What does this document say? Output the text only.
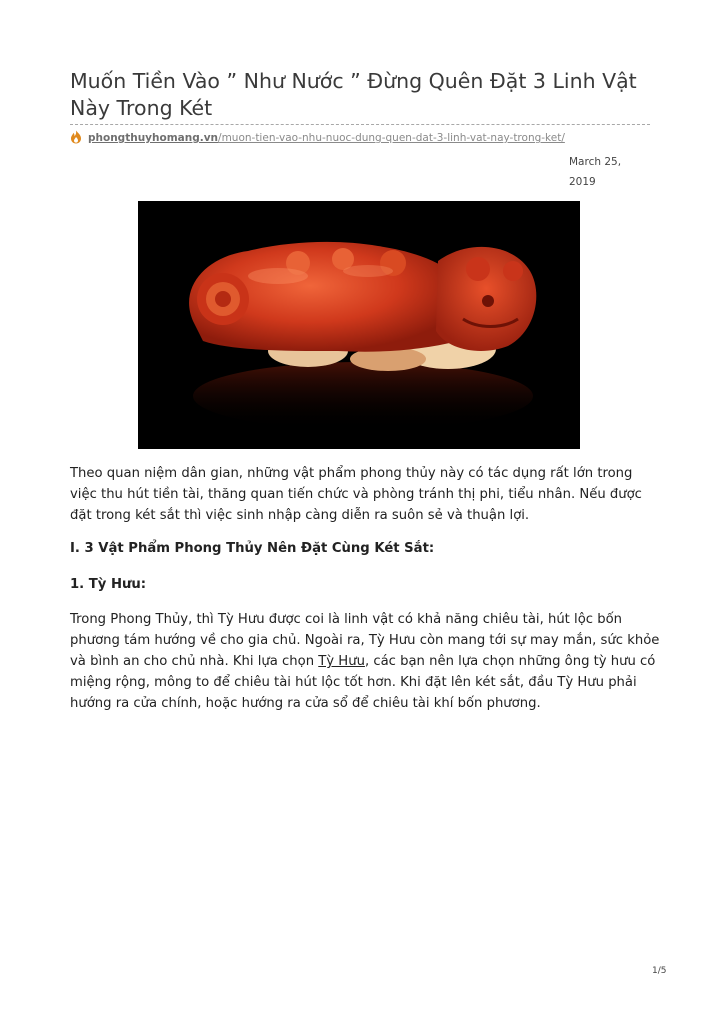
Muốn Tiền Vào ” Như Nước ” Đừng Quên Đặt 3 Linh Vật Này Trong Két
phongthuyhomang.vn/muon-tien-vao-nhu-nuoc-dung-quen-dat-3-linh-vat-nay-trong-ket/
March 25, 2019

Theo quan niệm dân gian, những vật phẩm phong thủy này có tác dụng rất lớn trong việc thu hút tiền tài, thăng quan tiến chức và phòng tránh thị phi, tiểu nhân. Nếu được đặt trong két sắt thì việc sinh nhập càng diễn ra suôn sẻ và thuận lợi.

I. 3 Vật Phẩm Phong Thủy Nên Đặt Cùng Két Sắt:

1. Tỳ Hưu:

Trong Phong Thủy, thì Tỳ Hưu được coi là linh vật có khả năng chiêu tài, hút lộc bốn phương tám hướng về cho gia chủ. Ngoài ra, Tỳ Hưu còn mang tới sự may mắn, sức khỏe và bình an cho chủ nhà. Khi lựa chọn Tỳ Hưu, các bạn nên lựa chọn những ông tỳ hưu có miệng rộng, mông to để chiêu tài hút lộc tốt hơn. Khi đặt lên két sắt, đầu Tỳ Hưu phải hướng ra cửa chính, hoặc hướng ra cửa sổ để chiêu tài khí bốn phương.

1/5
